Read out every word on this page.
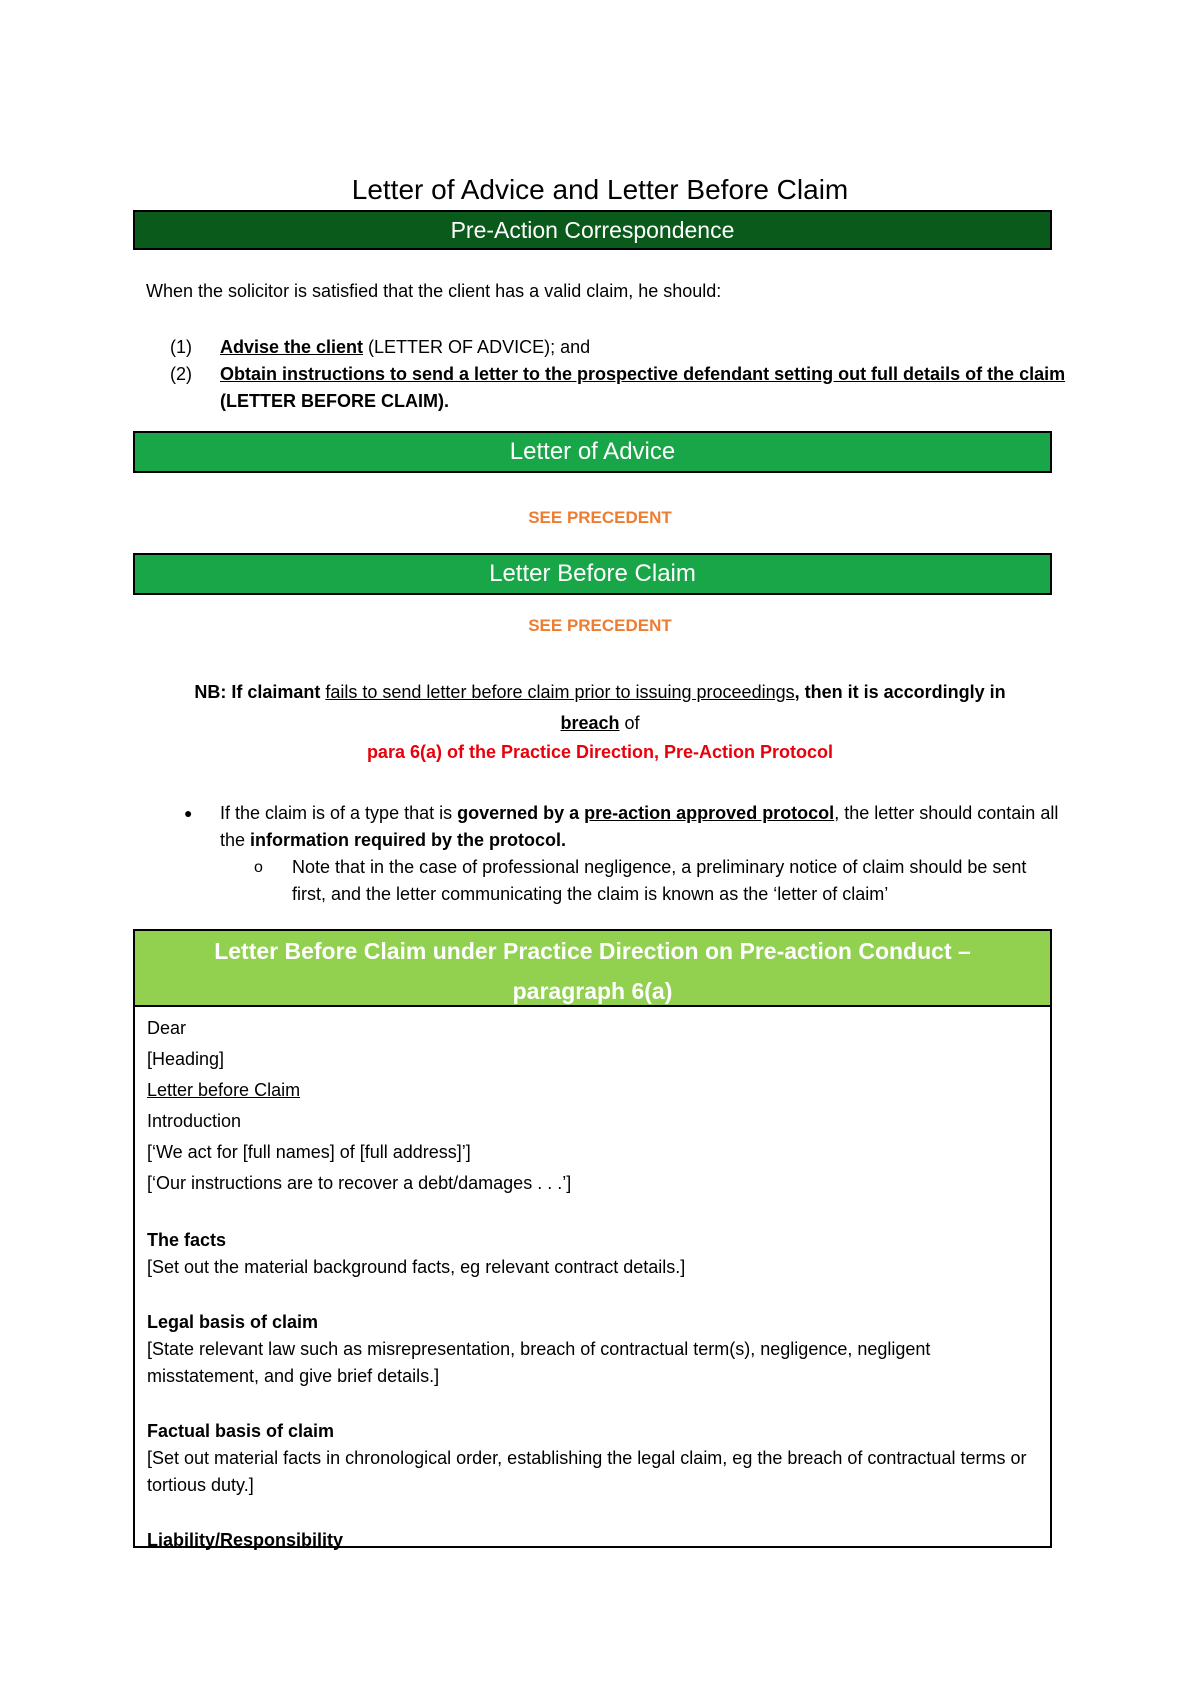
Letter of Advice and Letter Before Claim
Pre-Action Correspondence

When the solicitor is satisfied that the client has a valid claim, he should:

(1) Advise the client (LETTER OF ADVICE); and
(2) Obtain instructions to send a letter to the prospective defendant setting out full details of the claim (LETTER BEFORE CLAIM).
Letter of Advice

SEE PRECEDENT

Letter Before Claim

SEE PRECEDENT

NB: If claimant fails to send letter before claim prior to issuing proceedings, then it is accordingly in
breach of

para 6(a) of the Practice Direction, Pre-Action Protocol

● If the claim is of a type that is governed by a pre-action approved protocol, the letter should contain all the information required by the protocol.
o Note that in the case of professional negligence, a preliminary notice of claim should be sent first, and the letter communicating the claim is known as the ‘letter of claim’
Letter Before Claim under Practice Direction on Pre-action Conduct – paragraph 6(a)

Dear

[Heading]

Letter before Claim

Introduction

[‘We act for [full names] of [full address]’]

[‘Our instructions are to recover a debt/damages . . .’]

The facts

[Set out the material background facts, eg relevant contract details.]

Legal basis of claim

[State relevant law such as misrepresentation, breach of contractual term(s), negligence, negligent misstatement, and give brief details.]

Factual basis of claim

[Set out material facts in chronological order, establishing the legal claim, eg the breach of contractual terms or tortious duty.]

Liability/Responsibility
